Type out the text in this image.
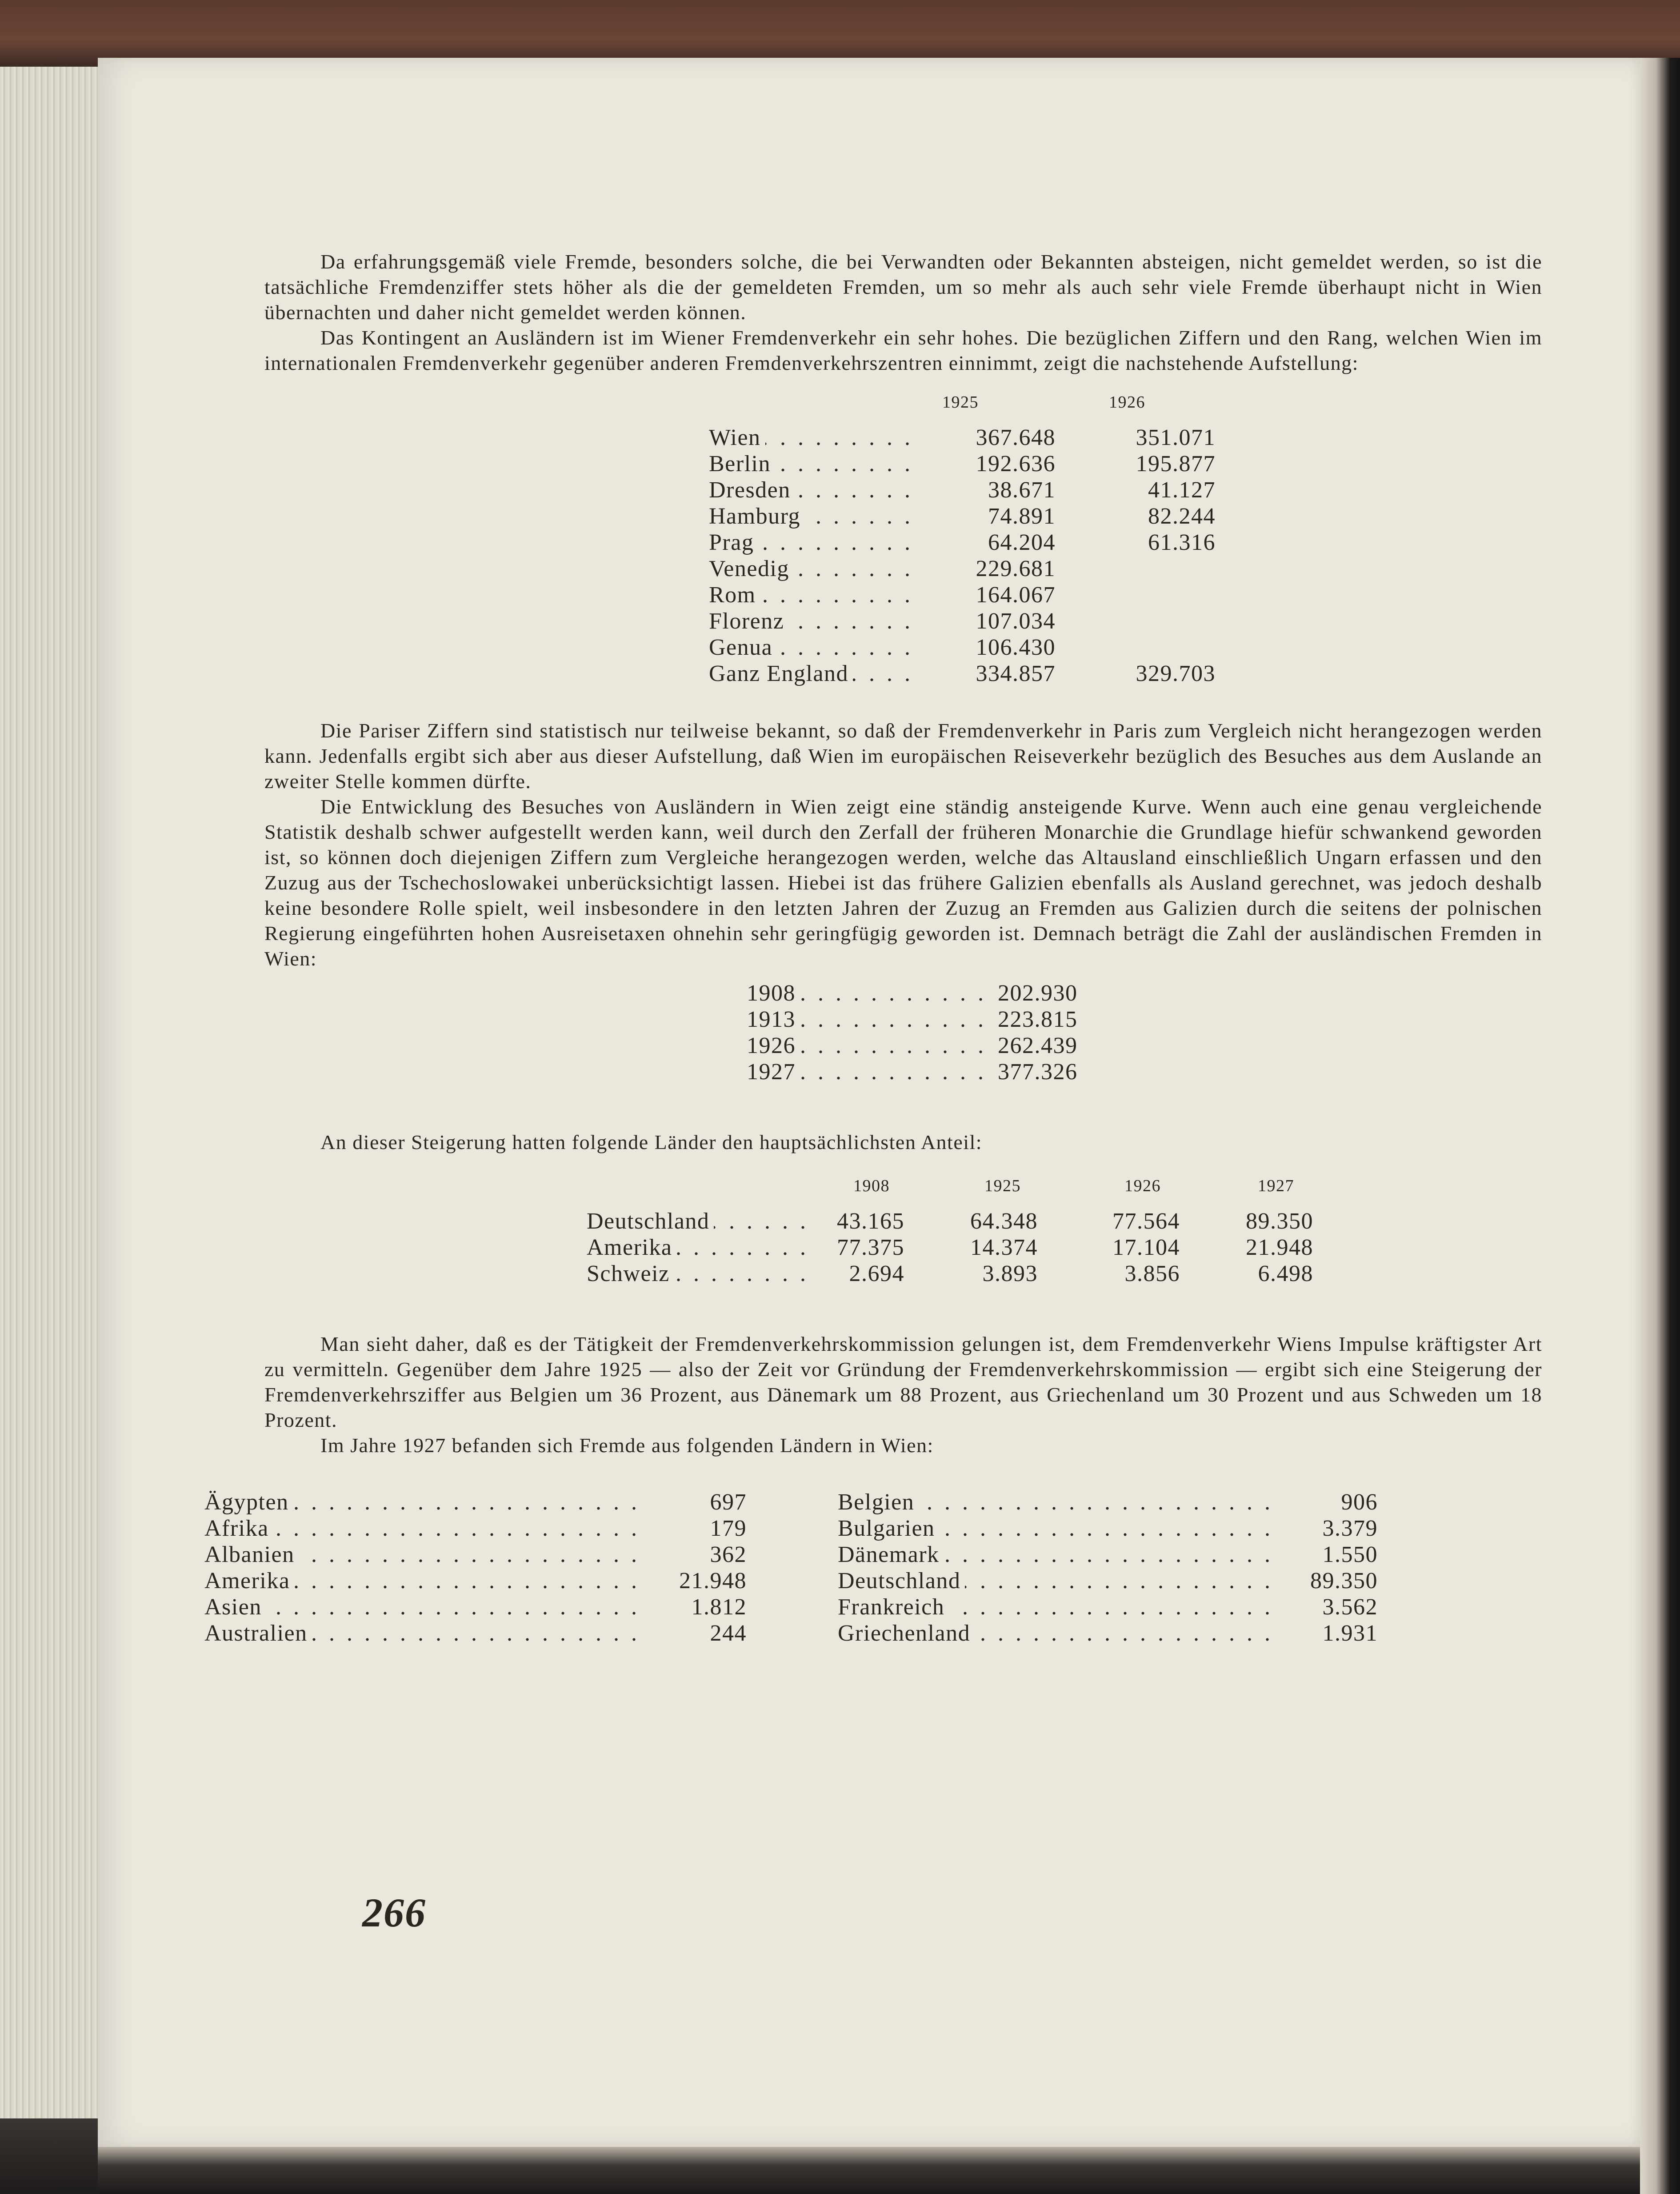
Da erfahrungsgemäß viele Fremde, besonders solche, die bei Verwandten oder Bekannten absteigen, nicht gemeldet werden, so ist die tatsächliche Fremdenziffer stets höher als die der gemeldeten Fremden, um so mehr als auch sehr viele Fremde überhaupt nicht in Wien übernachten und daher nicht gemeldet werden können.

Das Kontingent an Ausländern ist im Wiener Fremdenverkehr ein sehr hohes. Die bezüglichen Ziffern und den Rang, welchen Wien im internationalen Fremdenverkehr gegenüber anderen Fremdenverkehrszentren einnimmt, zeigt die nachstehende Aufstellung:

1925	1926
Wien . . .	367.648	351.071
Berlin . . .	192.636	195.877
Dresden . . .	38.671	41.127
Hamburg . . .	74.891	82.244
Prag . . .	64.204	61.316
Venedig . . .	229.681
Rom . . .	164.067
Florenz . . .	107.034
Genua . . .	106.430
Ganz England . . .	334.857	329.703

Die Pariser Ziffern sind statistisch nur teilweise bekannt, so daß der Fremdenverkehr in Paris zum Vergleich nicht herangezogen werden kann. Jedenfalls ergibt sich aber aus dieser Aufstellung, daß Wien im europäischen Reiseverkehr bezüglich des Besuches aus dem Auslande an zweiter Stelle kommen dürfte.

Die Entwicklung des Besuches von Ausländern in Wien zeigt eine ständig ansteigende Kurve. Wenn auch eine genau vergleichende Statistik deshalb schwer aufgestellt werden kann, weil durch den Zerfall der früheren Monarchie die Grundlage hiefür schwankend geworden ist, so können doch diejenigen Ziffern zum Vergleiche herangezogen werden, welche das Altausland einschließlich Ungarn erfassen und den Zuzug aus der Tschechoslowakei unberücksichtigt lassen. Hiebei ist das frühere Galizien ebenfalls als Ausland gerechnet, was jedoch deshalb keine besondere Rolle spielt, weil insbesondere in den letzten Jahren der Zuzug an Fremden aus Galizien durch die seitens der polnischen Regierung eingeführten hohen Ausreisetaxen ohnehin sehr geringfügig geworden ist. Demnach beträgt die Zahl der ausländischen Fremden in Wien:

1908 . . .	202.930
1913 . . .	223.815
1926 . . .	262.439
1927 . . .	377.326

An dieser Steigerung hatten folgende Länder den hauptsächlichsten Anteil:

1908	1925	1926	1927
Deutschland . . .	43.165	64.348	77.564	89.350
Amerika . . .	77.375	14.374	17.104	21.948
Schweiz . . .	2.694	3.893	3.856	6.498

Man sieht daher, daß es der Tätigkeit der Fremdenverkehrskommission gelungen ist, dem Fremdenverkehr Wiens Impulse kräftigster Art zu vermitteln. Gegenüber dem Jahre 1925 — also der Zeit vor Gründung der Fremdenverkehrskommission — ergibt sich eine Steigerung der Fremdenverkehrsziffer aus Belgien um 36 Prozent, aus Dänemark um 88 Prozent, aus Griechenland um 30 Prozent und aus Schweden um 18 Prozent.

Im Jahre 1927 befanden sich Fremde aus folgenden Ländern in Wien:

Ägypten . . .	697
Afrika . . .	179
Albanien . . .	362
Amerika . . .	21.948
Asien . . .	1.812
Australien . . .	244
Belgien . . .	906
Bulgarien . . .	3.379
Dänemark . . .	1.550
Deutschland . . .	89.350
Frankreich . . .	3.562
Griechenland . . .	1.931
266
